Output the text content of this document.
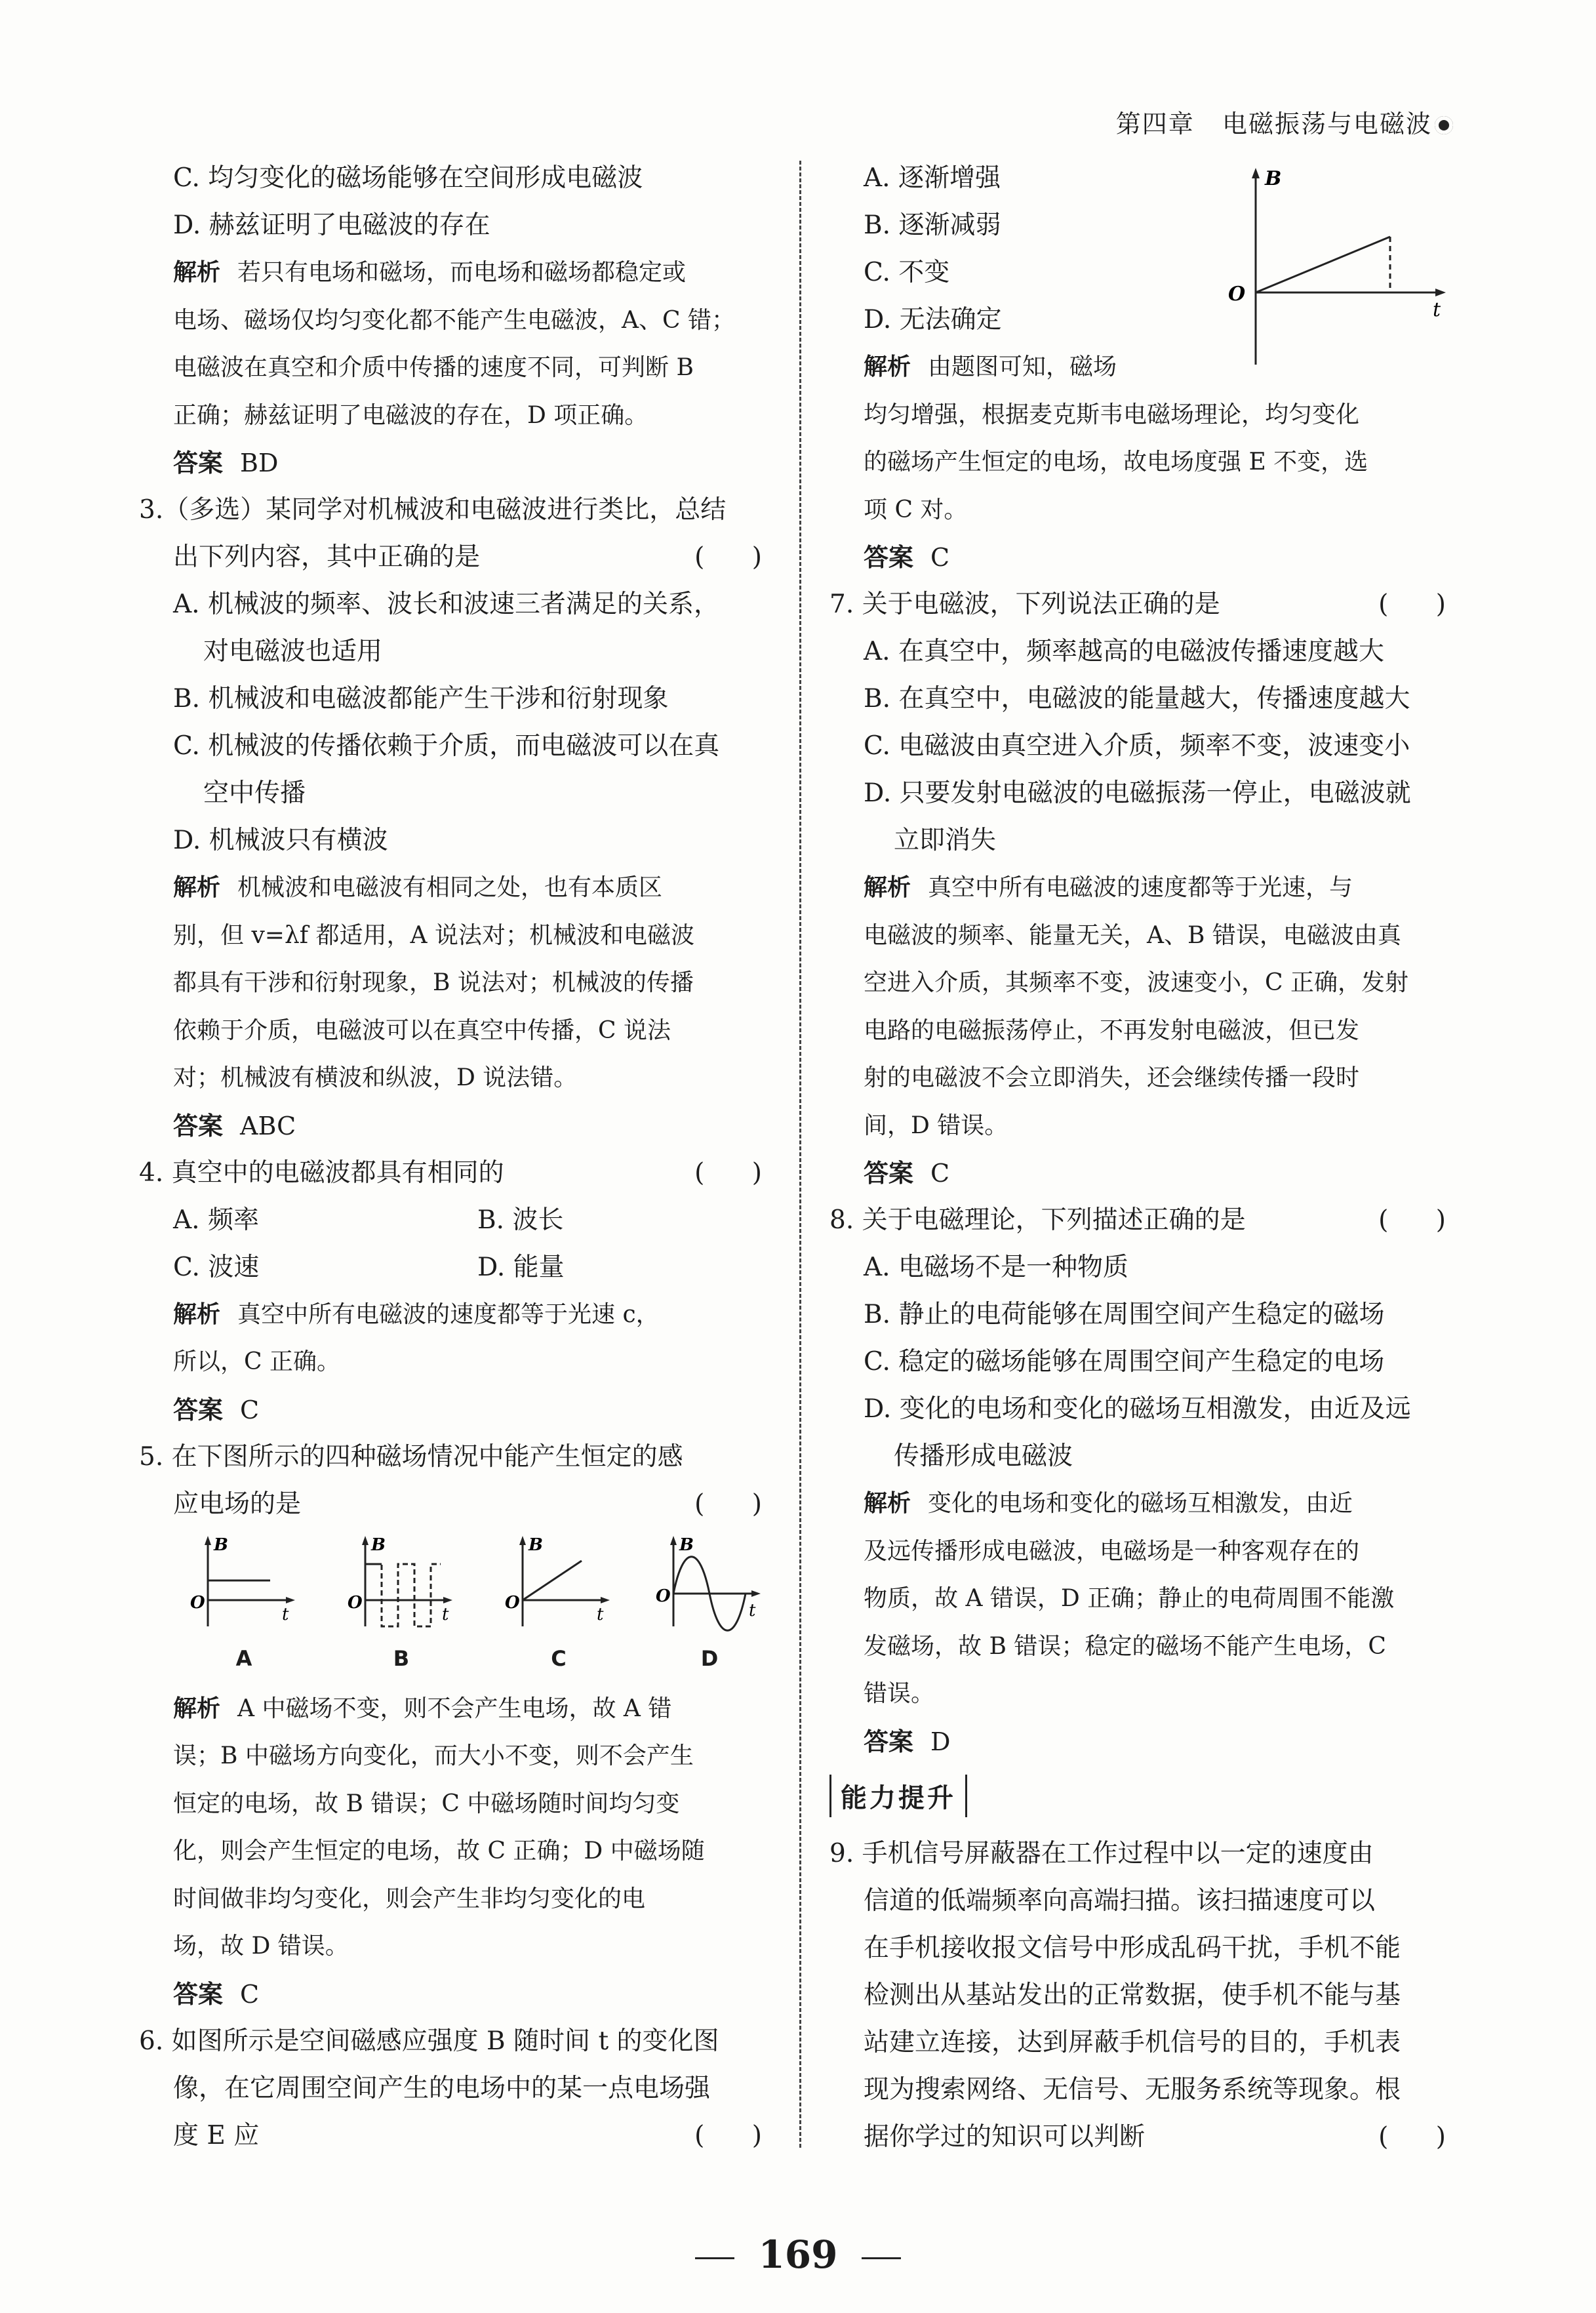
第四章 电磁振荡与电磁波
C. 均匀变化的磁场能够在空间形成电磁波
D. 赫兹证明了电磁波的存在
解析 若只有电场和磁场，而电场和磁场都稳定或
电场、磁场仅均匀变化都不能产生电磁波，A、C 错；
电磁波在真空和介质中传播的速度不同，可判断 B
正确；赫兹证明了电磁波的存在，D 项正确。
答案 BD
3.（多选）某同学对机械波和电磁波进行类比，总结
出下列内容，其中正确的是	( )
A. 机械波的频率、波长和波速三者满足的关系，
对电磁波也适用
B. 机械波和电磁波都能产生干涉和衍射现象
C. 机械波的传播依赖于介质，而电磁波可以在真
空中传播
D. 机械波只有横波
解析 机械波和电磁波有相同之处，也有本质区
别，但 v=λf 都适用，A 说法对；机械波和电磁波
都具有干涉和衍射现象，B 说法对；机械波的传播
依赖于介质，电磁波可以在真空中传播，C 说法
对；机械波有横波和纵波，D 说法错。
答案 ABC
4. 真空中的电磁波都具有相同的	( )
A. 频率	B. 波长
C. 波速	D. 能量
解析 真空中所有电磁波的速度都等于光速 c，
所以，C 正确。
答案 C
5. 在下图所示的四种磁场情况中能产生恒定的感
应电场的是	( )
B
O
t
A
B
O
t
B
B
O
t
C
B
O
t
D
解析 A 中磁场不变，则不会产生电场，故 A 错
误；B 中磁场方向变化，而大小不变，则不会产生
恒定的电场，故 B 错误；C 中磁场随时间均匀变
化，则会产生恒定的电场，故 C 正确；D 中磁场随
时间做非均匀变化，则会产生非均匀变化的电
场，故 D 错误。
答案 C
6. 如图所示是空间磁感应强度 B 随时间 t 的变化图
像，在它周围空间产生的电场中的某一点电场强
度 E 应	( )
B
O
t
A. 逐渐增强
B. 逐渐减弱
C. 不变
D. 无法确定
解析 由题图可知，磁场
均匀增强，根据麦克斯韦电磁场理论，均匀变化
的磁场产生恒定的电场，故电场度强 E 不变，选
项 C 对。
答案 C
7. 关于电磁波，下列说法正确的是	( )
A. 在真空中，频率越高的电磁波传播速度越大
B. 在真空中，电磁波的能量越大，传播速度越大
C. 电磁波由真空进入介质，频率不变，波速变小
D. 只要发射电磁波的电磁振荡一停止，电磁波就
立即消失
解析 真空中所有电磁波的速度都等于光速，与
电磁波的频率、能量无关，A、B 错误，电磁波由真
空进入介质，其频率不变，波速变小，C 正确，发射
电路的电磁振荡停止，不再发射电磁波，但已发
射的电磁波不会立即消失，还会继续传播一段时
间，D 错误。
答案 C
8. 关于电磁理论，下列描述正确的是	( )
A. 电磁场不是一种物质
B. 静止的电荷能够在周围空间产生稳定的磁场
C. 稳定的磁场能够在周围空间产生稳定的电场
D. 变化的电场和变化的磁场互相激发，由近及远
传播形成电磁波
解析 变化的电场和变化的磁场互相激发，由近
及远传播形成电磁波，电磁场是一种客观存在的
物质，故 A 错误，D 正确；静止的电荷周围不能激
发磁场，故 B 错误；稳定的磁场不能产生电场，C
错误。
答案 D
能力提升
9. 手机信号屏蔽器在工作过程中以一定的速度由
信道的低端频率向高端扫描。该扫描速度可以
在手机接收报文信号中形成乱码干扰，手机不能
检测出从基站发出的正常数据，使手机不能与基
站建立连接，达到屏蔽手机信号的目的，手机表
现为搜索网络、无信号、无服务系统等现象。根
据你学过的知识可以判断	( )
169
